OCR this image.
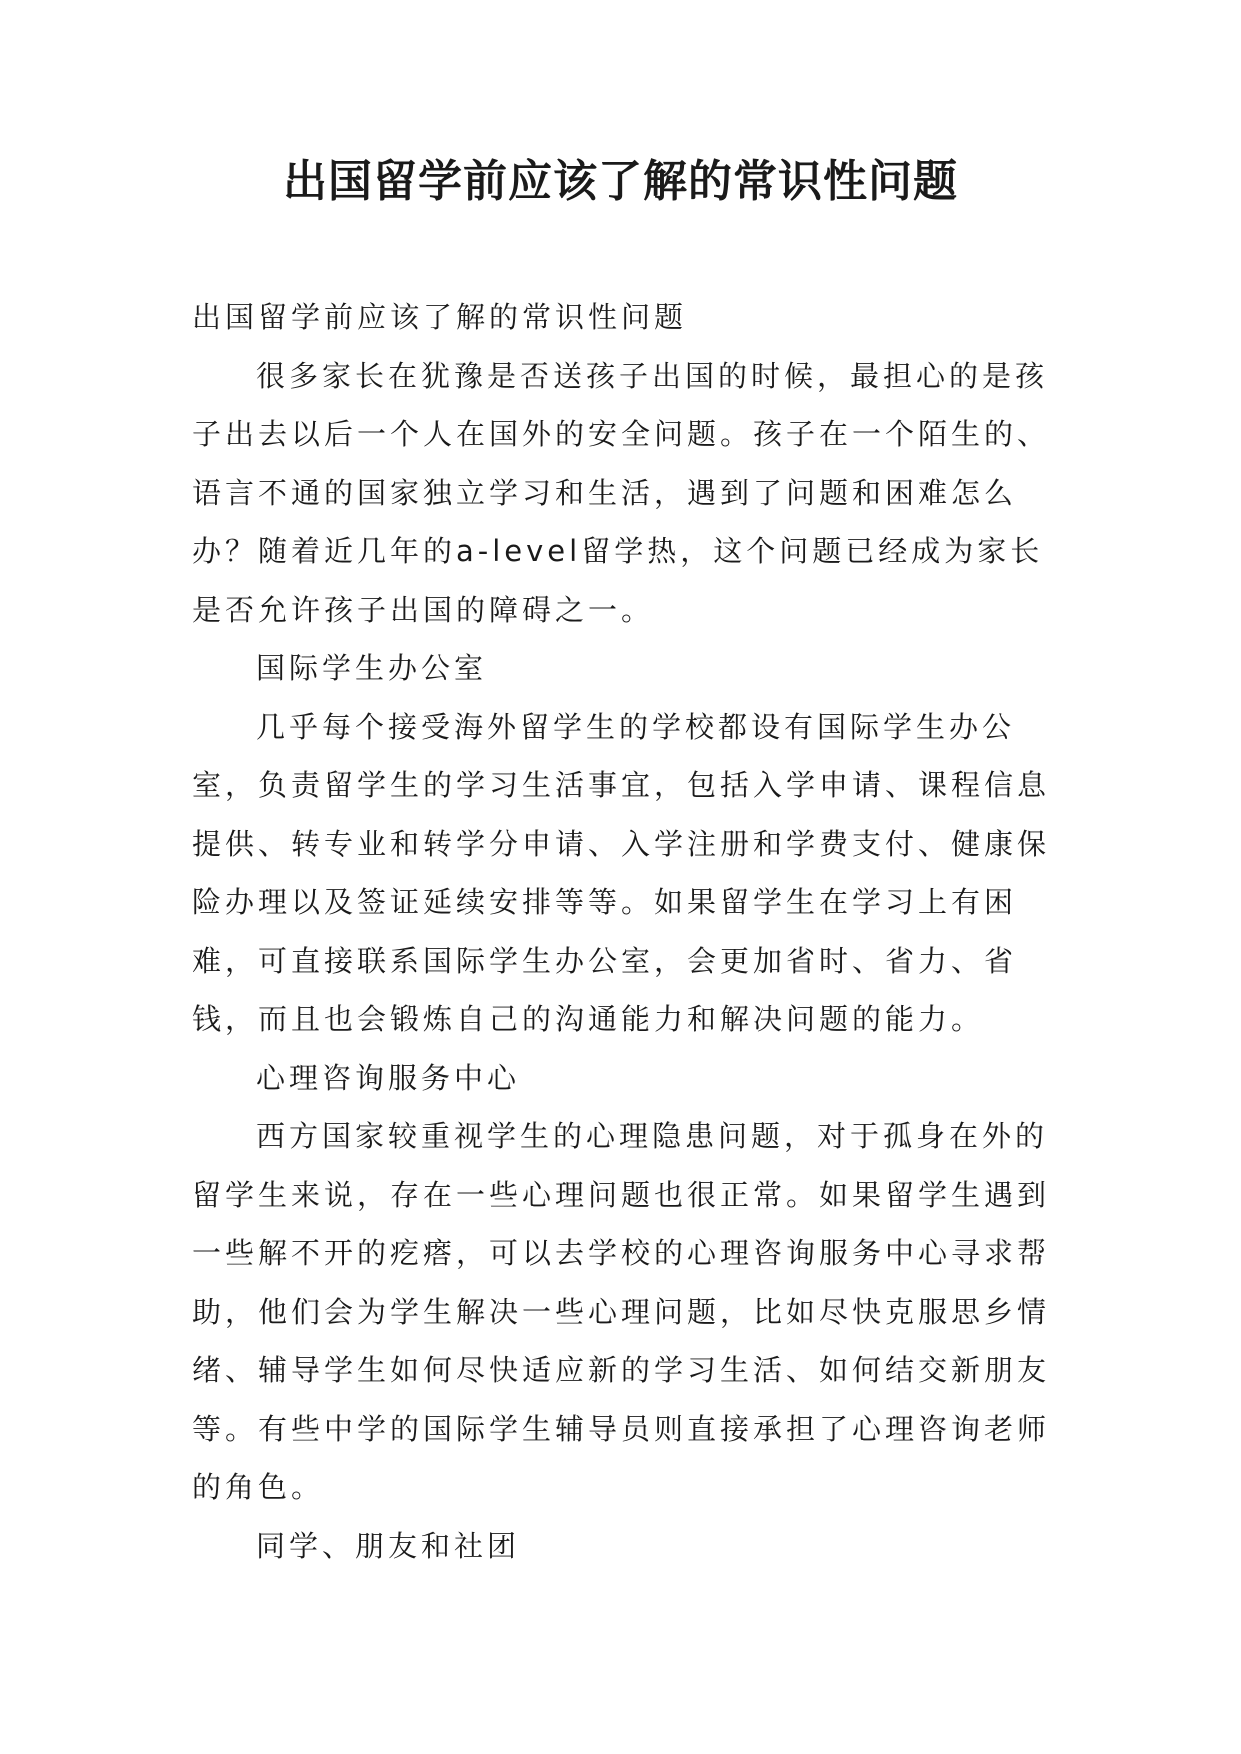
出国留学前应该了解的常识性问题

出国留学前应该了解的常识性问题

很多家长在犹豫是否送孩子出国的时候，最担心的是孩子出去以后一个人在国外的安全问题。孩子在一个陌生的、语言不通的国家独立学习和生活，遇到了问题和困难怎么办？随着近几年的a-level留学热，这个问题已经成为家长是否允许孩子出国的障碍之一。

国际学生办公室

几乎每个接受海外留学生的学校都设有国际学生办公室，负责留学生的学习生活事宜，包括入学申请、课程信息提供、转专业和转学分申请、入学注册和学费支付、健康保险办理以及签证延续安排等等。如果留学生在学习上有困难，可直接联系国际学生办公室，会更加省时、省力、省钱，而且也会锻炼自己的沟通能力和解决问题的能力。

心理咨询服务中心

西方国家较重视学生的心理隐患问题，对于孤身在外的留学生来说，存在一些心理问题也很正常。如果留学生遇到一些解不开的疙瘩，可以去学校的心理咨询服务中心寻求帮助，他们会为学生解决一些心理问题，比如尽快克服思乡情绪、辅导学生如何尽快适应新的学习生活、如何结交新朋友等。有些中学的国际学生辅导员则直接承担了心理咨询老师的角色。

同学、朋友和社团
